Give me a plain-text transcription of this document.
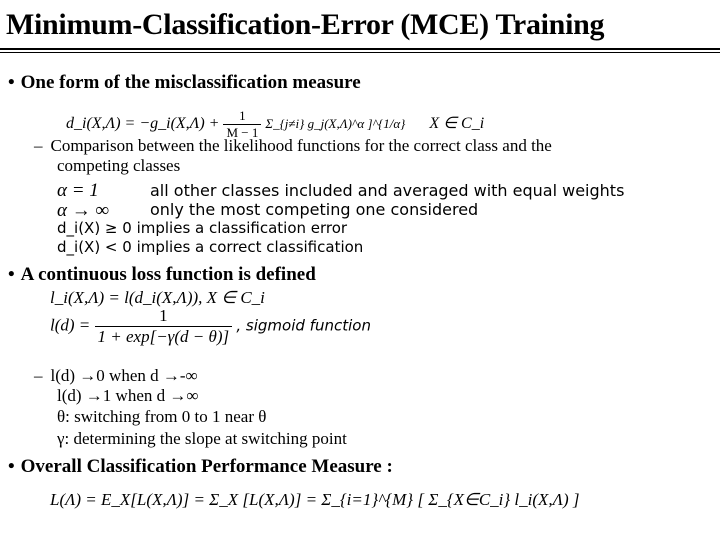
Minimum-Classification-Error (MCE) Training
• One form of the misclassification measure
d_i(X,Λ) = −g_i(X,Λ) + $\frac{1}{M - 1}$ Σ_{j≠i} g_j(X,Λ)^α ]^{1/α} X ∈ C_i
– Comparison between the likelihood functions for the correct class and the
competing classes
α = 1	all other classes included and averaged with equal weights
α → ∞	only the most competing one considered
d_i(X) ≥ 0 implies a classification error
d_i(X) < 0 implies a correct classification
• A continuous loss function is defined
l_i(X,Λ) = l(d_i(X,Λ)), X ∈ C_i
$l(d) = \frac{1}{1 + \exp[-\gamma(d - \theta)]}$ , sigmoid function
– l(d) →0 when d →-∞
l(d) →1 when d →∞
θ: switching from 0 to 1 near θ
γ: determining the slope at switching point
• Overall Classification Performance Measure :
L(Λ) = E_X[L(X,Λ)] = Σ_X [L(X,Λ)] = Σ_{i=1}^{M} [ Σ_{X∈C_i} l_i(X,Λ) ]
